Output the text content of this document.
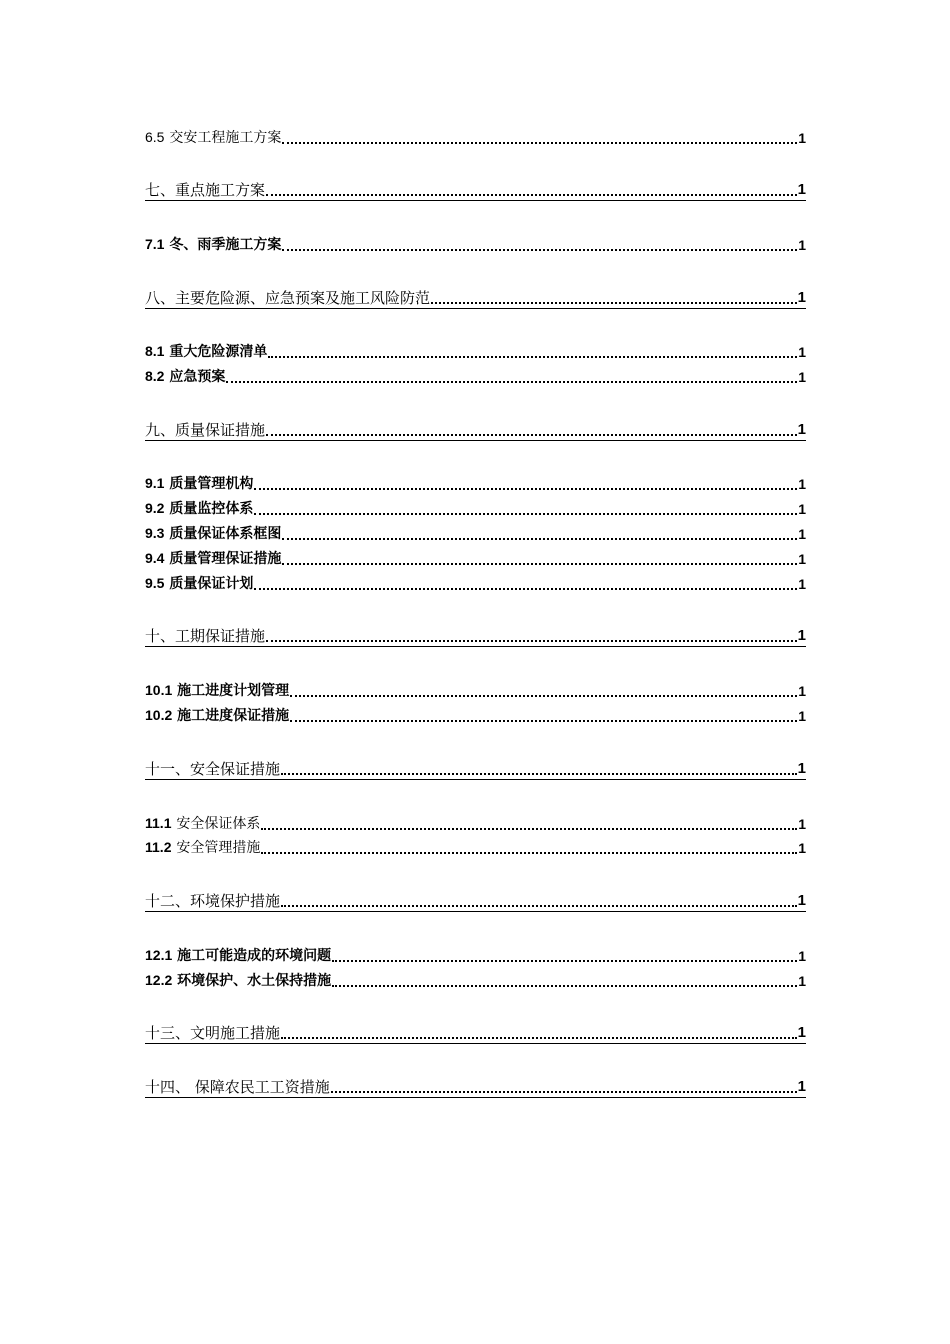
6.5 交安工程施工方案	1
七、重点施工方案	1
7.1 冬、雨季施工方案	1
八、主要危险源、应急预案及施工风险防范	1
8.1 重大危险源清单	1
8.2 应急预案	1
九、质量保证措施	1
9.1 质量管理机构	1
9.2 质量监控体系	1
9.3 质量保证体系框图	1
9.4 质量管理保证措施	1
9.5 质量保证计划	1
十、工期保证措施	1
10.1 施工进度计划管理	1
10.2 施工进度保证措施	1
十一、安全保证措施	1
11.1 安全保证体系	1
11.2 安全管理措施	1
十二、环境保护措施	1
12.1 施工可能造成的环境问题	1
12.2 环境保护、水土保持措施	1
十三、文明施工措施	1
十四、 保障农民工工资措施	1
